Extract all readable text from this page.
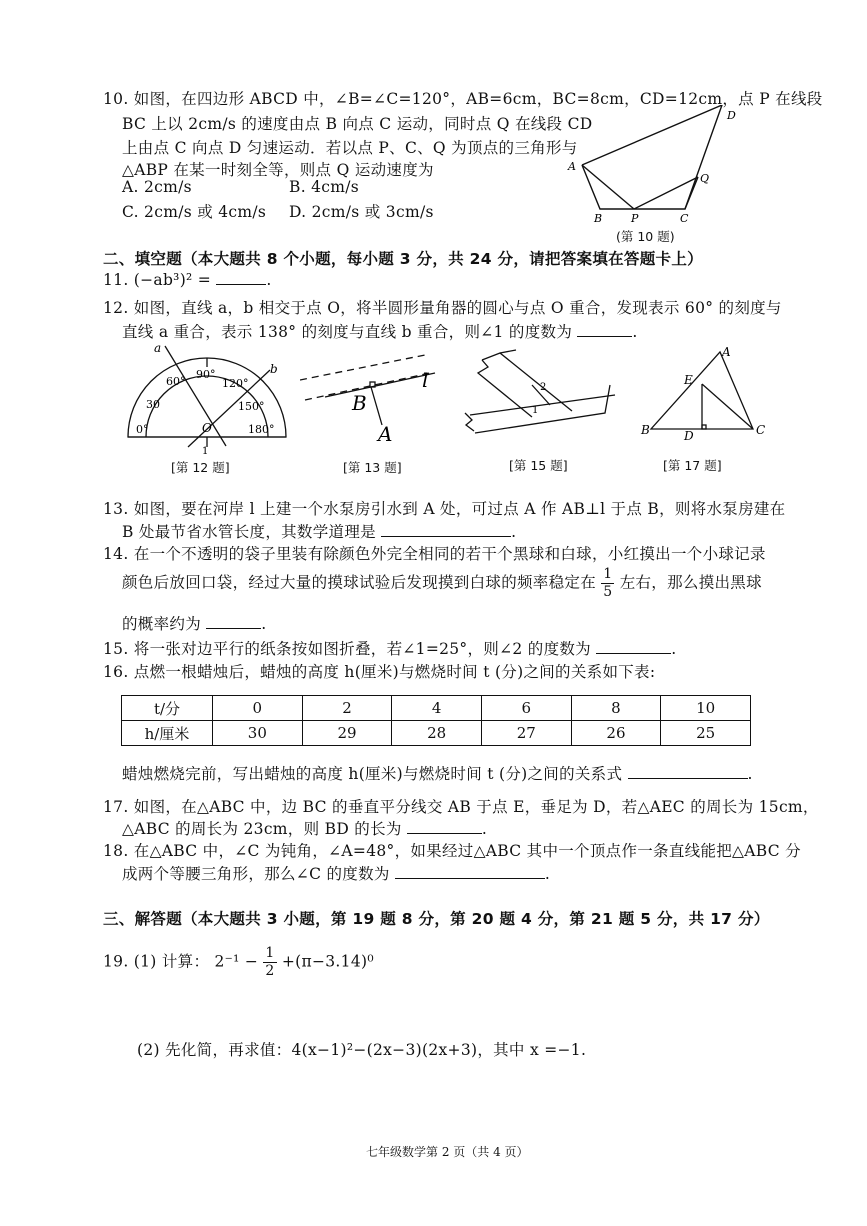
10. 如图，在四边形 ABCD 中，∠B=∠C=120°，AB=6cm，BC=8cm，CD=12cm，点 P 在线段
BC 上以 2cm/s 的速度由点 B 向点 C 运动，同时点 Q 在线段 CD
上由点 C 向点 D 匀速运动．若以点 P、C、Q 为顶点的三角形与
△ABP 在某一时刻全等，则点 Q 运动速度为
A. 2cm/s	B. 4cm/s
C. 2cm/s 或 4cm/s D. 2cm/s 或 3cm/s
A
B	P	C
Q
D
(第 10 题)
二、填空题（本大题共 8 个小题，每小题 3 分，共 24 分，请把答案填在答题卡上）
11. (−ab³)² =	.
12. 如图，直线 a，b 相交于点 O，将半圆形量角器的圆心与点 O 重合，发现表示 60° 的刻度与
直线 a 重合，表示 138° 的刻度与直线 b 重合，则∠1 的度数为	.
a
b
60°
90°
120°
30	150°
0°	180°
O
1
[第 12 题]
B
A
l
[第 13 题]
2
1
[第 15 题]
A
B	C
E
D
[第 17 题]
13. 如图，要在河岸 l 上建一个水泵房引水到 A 处，可过点 A 作 AB⊥l 于点 B，则将水泵房建在
B 处最节省水管长度，其数学道理是	.
14. 在一个不透明的袋子里装有除颜色外完全相同的若干个黑球和白球，小红摸出一个小球记录
颜色后放回口袋，经过大量的摸球试验后发现摸到白球的频率稳定在 $\frac{1}{5}$ 左右，那么摸出黑球
的概率约为	.
15. 将一张对边平行的纸条按如图折叠，若∠1=25°，则∠2 的度数为	.
16. 点燃一根蜡烛后，蜡烛的高度 h(厘米)与燃烧时间 t (分)之间的关系如下表:
t/分	0	2	4	6	8	10
h/厘米	30	29	28	27	26	25
蜡烛燃烧完前，写出蜡烛的高度 h(厘米)与燃烧时间 t (分)之间的关系式	.
17. 如图，在△ABC 中，边 BC 的垂直平分线交 AB 于点 E，垂足为 D，若△AEC 的周长为 15cm，
△ABC 的周长为 23cm，则 BD 的长为	.
18. 在△ABC 中，∠C 为钝角，∠A=48°，如果经过△ABC 其中一个顶点作一条直线能把△ABC 分
成两个等腰三角形，那么∠C 的度数为	.
三、解答题（本大题共 3 小题，第 19 题 8 分，第 20 题 4 分，第 21 题 5 分，共 17 分）
19. (1) 计算： $2^{-1} - \frac{1}{2} +(\pi-3.14)^0$
(2) 先化简，再求值：4(x−1)²−(2x−3)(2x+3)，其中 x =−1.
七年级数学第 2 页（共 4 页）
